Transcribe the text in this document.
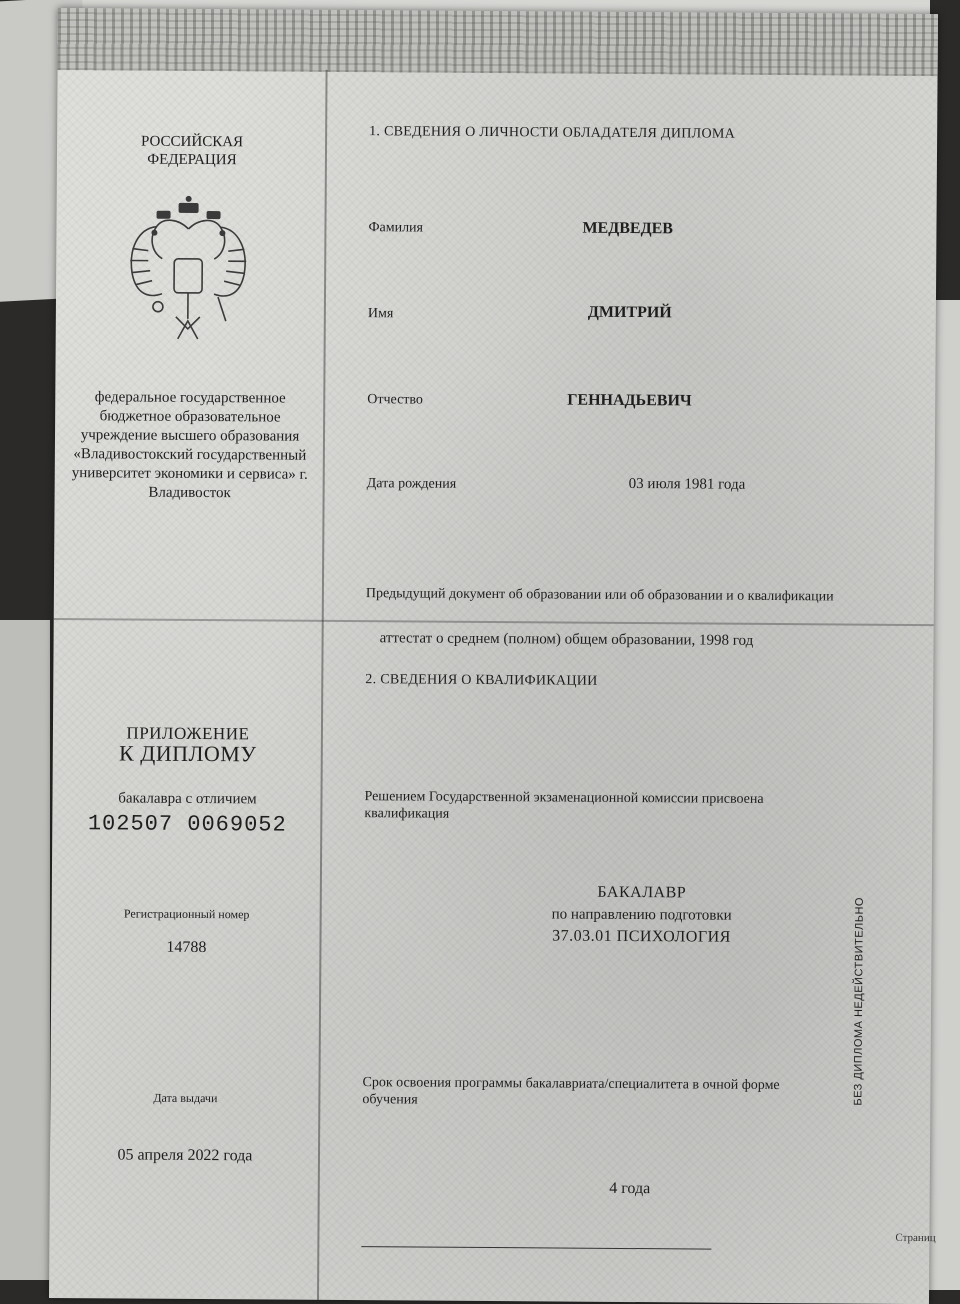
РОССИЙСКАЯ ФЕДЕРАЦИЯ
федеральное государственное бюджетное образовательное учреждение высшего образования «Владивостокский государственный университет экономики и сервиса» г. Владивосток
ПРИЛОЖЕНИЕ
К ДИПЛОМУ
бакалавра с отличием
102507 0069052
Регистрационный номер
14788
Дата выдачи
05 апреля 2022 года
1. СВЕДЕНИЯ О ЛИЧНОСТИ ОБЛАДАТЕЛЯ ДИПЛОМА
Фамилия	МЕДВЕДЕВ
Имя	ДМИТРИЙ
Отчество	ГЕННАДЬЕВИЧ
Дата рождения	03 июля 1981 года
Предыдущий документ об образовании или об образовании и о квалификации
аттестат о среднем (полном) общем образовании, 1998 год
2. СВЕДЕНИЯ О КВАЛИФИКАЦИИ
Решением Государственной экзаменационной комиссии присвоена квалификация
БАКАЛАВР
по направлению подготовки
37.03.01 ПСИХОЛОГИЯ
Срок освоения программы бакалавриата/специалитета в очной форме обучения
4 года
БЕЗ ДИПЛОМА НЕДЕЙСТВИТЕЛЬНО
Страниц
